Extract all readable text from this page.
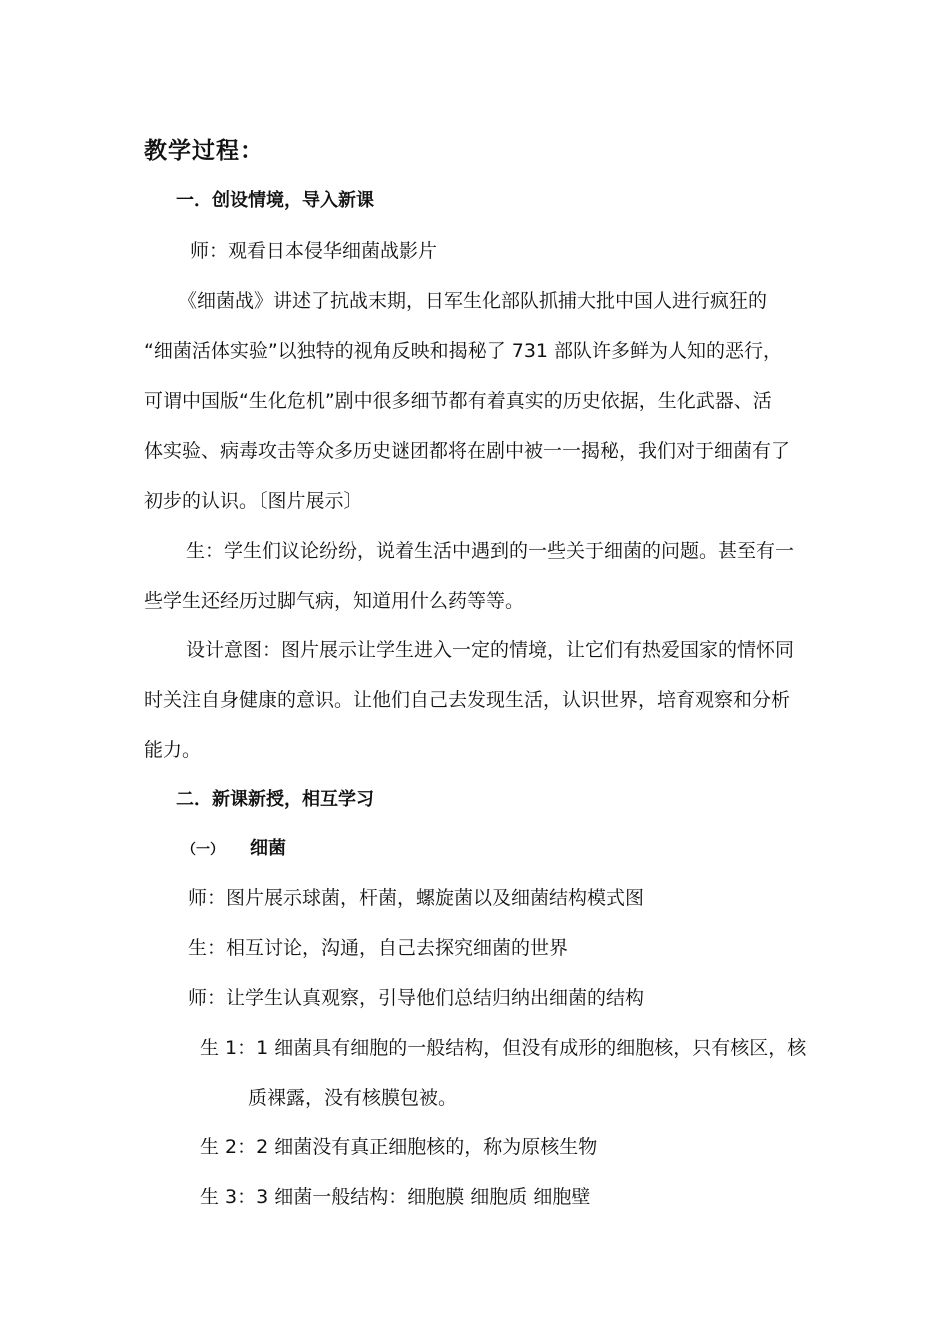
教学过程：
一．创设情境，导入新课
师：观看日本侵华细菌战影片
《细菌战》讲述了抗战末期，日军生化部队抓捕大批中国人进行疯狂的
“细菌活体实验”以独特的视角反映和揭秘了 731 部队许多鲜为人知的恶行，
可谓中国版“生化危机”剧中很多细节都有着真实的历史依据，生化武器、活
体实验、病毒攻击等众多历史谜团都将在剧中被一一揭秘，我们对于细菌有了
初步的认识。〔图片展示〕
生：学生们议论纷纷，说着生活中遇到的一些关于细菌的问题。甚至有一
些学生还经历过脚气病，知道用什么药等等。
设计意图：图片展示让学生进入一定的情境，让它们有热爱国家的情怀同
时关注自身健康的意识。让他们自己去发现生活，认识世界，培育观察和分析
能力。
二．新课新授，相互学习
（一） 细菌
师：图片展示球菌，杆菌，螺旋菌以及细菌结构模式图
生：相互讨论，沟通，自己去探究细菌的世界
师：让学生认真观察，引导他们总结归纳出细菌的结构
生 1：1 细菌具有细胞的一般结构，但没有成形的细胞核，只有核区，核
质裸露，没有核膜包被。
生 2：2 细菌没有真正细胞核的，称为原核生物
生 3：3 细菌一般结构：细胞膜 细胞质 细胞壁
